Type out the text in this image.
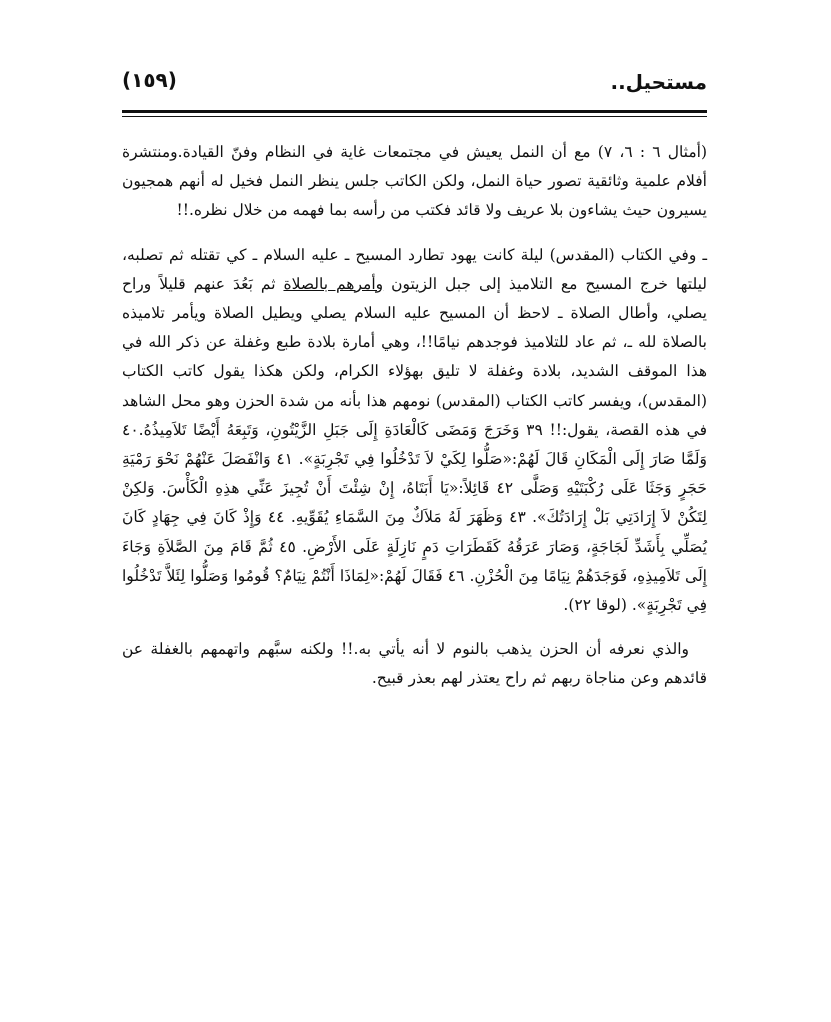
مستحيل..
(١٥٩)

(أمثال ٦ : ٦، ٧) مع أن النمل يعيش في مجتمعات غاية في النظام وفنّ القيادة.ومنتشرة أفلام علمية وثائقية تصور حياة النمل، ولكن الكاتب جلس ينظر النمل فخيل له أنهم همجيون يسيرون حيث يشاءون بلا عريف ولا قائد فكتب من رأسه بما فهمه من خلال نظره.!!

ـ وفي الكتاب (المقدس) ليلة كانت يهود تطارد المسيح ـ عليه السلام ـ كي تقتله ثم تصلبه، ليلتها خرج المسيح مع التلاميذ إلى جبل الزيتون وأمرهم بالصلاة ثم بَعُدَ عنهم قليلاً وراح يصلي، وأطال الصلاة ـ لاحظ أن المسيح عليه السلام يصلي ويطيل الصلاة ويأمر تلاميذه بالصلاة لله ـ، ثم عاد للتلاميذ فوجدهم نيامًا!!، وهي أمارة بلادة طبع وغفلة عن ذكر الله في هذا الموقف الشديد، بلادة وغفلة لا تليق بهؤلاء الكرام، ولكن هكذا يقول كاتب الكتاب (المقدس)، ويفسر كاتب الكتاب (المقدس) نومهم هذا بأنه من شدة الحزن وهو محل الشاهد في هذه القصة، يقول:!! ٣٩ وَخَرَجَ وَمَضَى كَالْعَادَةِ إِلَى جَبَلِ الزَّيْتُونِ، وَتَبِعَهُ أَيْضًا تَلاَمِيذُهُ.٤٠ وَلَمَّا صَارَ إِلَى الْمَكَانِ قَالَ لَهُمْ:«صَلُّوا لِكَيْ لاَ تَدْخُلُوا فِي تَجْرِبَةٍ». ٤١ وَانْفَصَلَ عَنْهُمْ نَحْوَ رَمْيَةِ حَجَرٍ وَجَثَا عَلَى رُكْبَتَيْهِ وَصَلَّى ٤٢ قَائِلاً:«يَا أَبَتَاهُ، إِنْ شِئْتَ أَنْ تُجِيزَ عَنِّي هذِهِ الْكَأْسَ. وَلكِنْ لِتَكُنْ لاَ إِرَادَتِي بَلْ إِرَادَتُكَ». ٤٣ وَظَهَرَ لَهُ مَلاَكٌ مِنَ السَّمَاءِ يُقَوِّيهِ. ٤٤ وَإِذْ كَانَ فِي جِهَادٍ كَانَ يُصَلِّي بِأَشَدِّ لَجَاجَةٍ، وَصَارَ عَرَقُهُ كَقَطَرَاتِ دَمٍ نَازِلَةٍ عَلَى الأَرْضِ. ٤٥ ثُمَّ قَامَ مِنَ الصَّلاَةِ وَجَاءَ إِلَى تَلاَمِيذِهِ، فَوَجَدَهُمْ نِيَامًا مِنَ الْحُزْنِ. ٤٦ فَقَالَ لَهُمْ:«لِمَاذَا أَنْتُمْ نِيَامٌ؟ قُومُوا وَصَلُّوا لِئَلاَّ تَدْخُلُوا فِي تَجْرِبَةٍ». (لوقا ٢٢).

والذي نعرفه أن الحزن يذهب بالنوم لا أنه يأتي به.!! ولكنه سبَّهم واتهمهم بالغفلة عن قائدهم وعن مناجاة ربهم ثم راح يعتذر لهم بعذر قبيح.
